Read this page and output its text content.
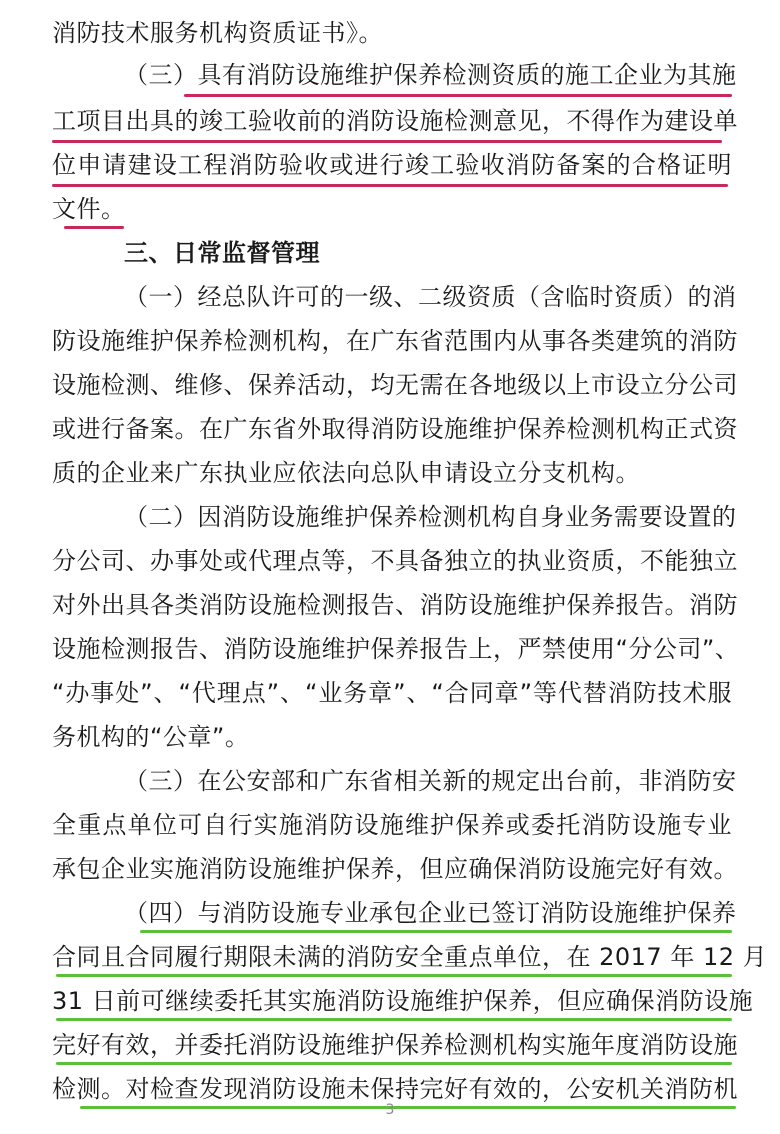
消防技术服务机构资质证书》。
（三）具有消防设施维护保养检测资质的施工企业为其施
工项目出具的竣工验收前的消防设施检测意见，不得作为建设单
位申请建设工程消防验收或进行竣工验收消防备案的合格证明
文件。
三、日常监督管理
（一）经总队许可的一级、二级资质（含临时资质）的消
防设施维护保养检测机构，在广东省范围内从事各类建筑的消防
设施检测、维修、保养活动，均无需在各地级以上市设立分公司
或进行备案。在广东省外取得消防设施维护保养检测机构正式资
质的企业来广东执业应依法向总队申请设立分支机构。
（二）因消防设施维护保养检测机构自身业务需要设置的
分公司、办事处或代理点等，不具备独立的执业资质，不能独立
对外出具各类消防设施检测报告、消防设施维护保养报告。消防
设施检测报告、消防设施维护保养报告上，严禁使用“分公司”、
“办事处”、“代理点”、“业务章”、“合同章”等代替消防技术服
务机构的“公章”。
（三）在公安部和广东省相关新的规定出台前，非消防安
全重点单位可自行实施消防设施维护保养或委托消防设施专业
承包企业实施消防设施维护保养，但应确保消防设施完好有效。
（四）与消防设施专业承包企业已签订消防设施维护保养
合同且合同履行期限未满的消防安全重点单位，在 2017 年 12 月
31 日前可继续委托其实施消防设施维护保养，但应确保消防设施
完好有效，并委托消防设施维护保养检测机构实施年度消防设施
检测。对检查发现消防设施未保持完好有效的，公安机关消防机
3
